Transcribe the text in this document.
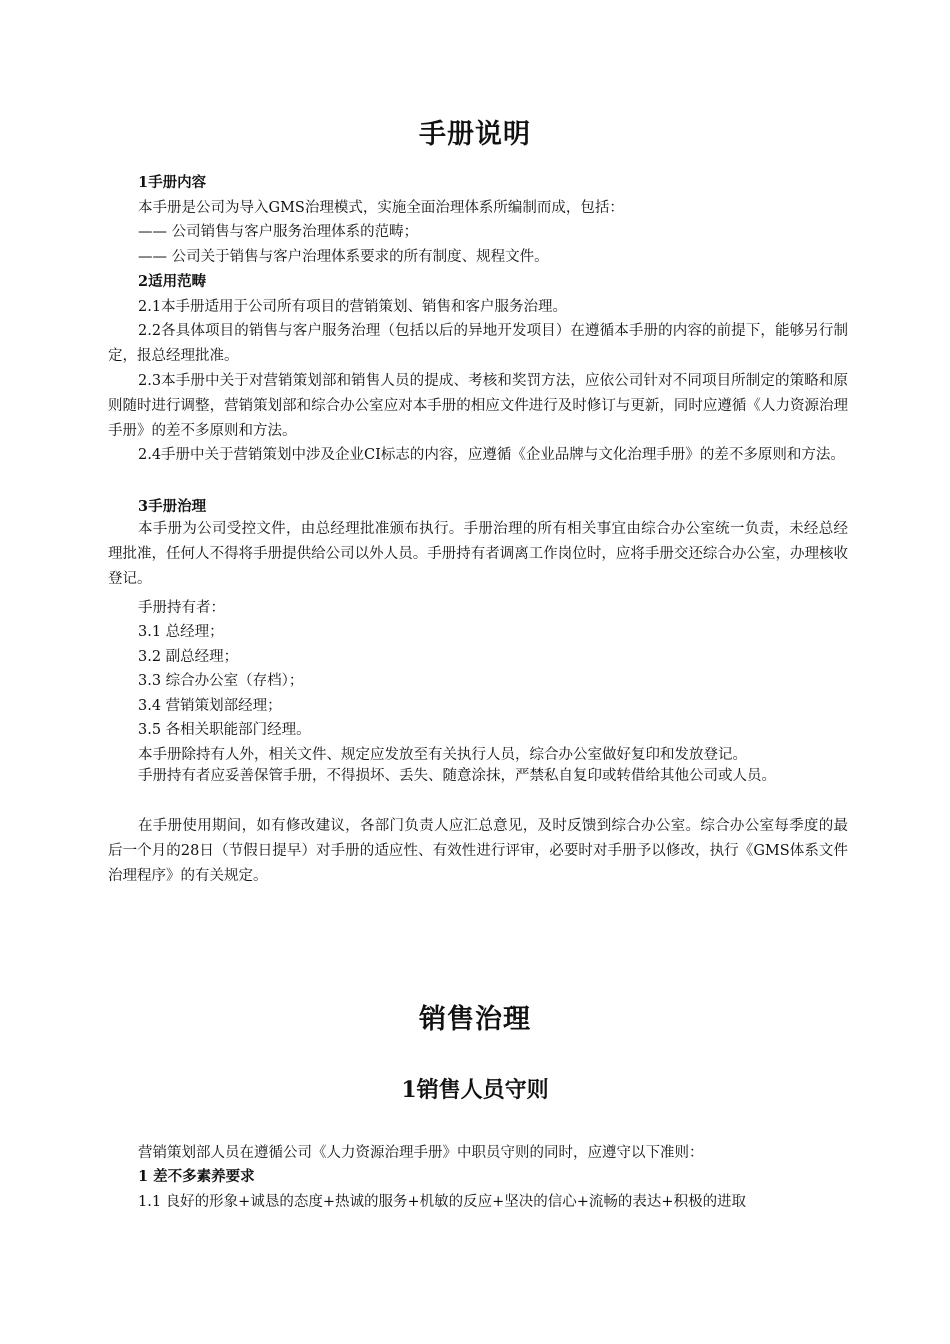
手册说明
1手册内容
本手册是公司为导入GMS治理模式，实施全面治理体系所编制而成，包括：
—— 公司销售与客户服务治理体系的范畴；
—— 公司关于销售与客户治理体系要求的所有制度、规程文件。
2适用范畴
2.1本手册适用于公司所有项目的营销策划、销售和客户服务治理。
2.2各具体项目的销售与客户服务治理（包括以后的异地开发项目）在遵循本手册的内容的前提下，能够另行制定，报总经理批准。
2.3本手册中关于对营销策划部和销售人员的提成、考核和奖罚方法，应依公司针对不同项目所制定的策略和原则随时进行调整，营销策划部和综合办公室应对本手册的相应文件进行及时修订与更新，同时应遵循《人力资源治理手册》的差不多原则和方法。
2.4手册中关于营销策划中涉及企业CI标志的内容，应遵循《企业品牌与文化治理手册》的差不多原则和方法。
3手册治理
本手册为公司受控文件，由总经理批准颁布执行。手册治理的所有相关事宜由综合办公室统一负责，未经总经理批准，任何人不得将手册提供给公司以外人员。手册持有者调离工作岗位时，应将手册交还综合办公室，办理核收登记。
手册持有者：
3.1 总经理；
3.2 副总经理；
3.3 综合办公室（存档）；
3.4 营销策划部经理；
3.5 各相关职能部门经理。
本手册除持有人外，相关文件、规定应发放至有关执行人员，综合办公室做好复印和发放登记。
手册持有者应妥善保管手册，不得损坏、丢失、随意涂抹，严禁私自复印或转借给其他公司或人员。
在手册使用期间，如有修改建议，各部门负责人应汇总意见，及时反馈到综合办公室。综合办公室每季度的最后一个月的28日（节假日提早）对手册的适应性、有效性进行评审，必要时对手册予以修改，执行《GMS体系文件治理程序》的有关规定。
销售治理
1销售人员守则
营销策划部人员在遵循公司《人力资源治理手册》中职员守则的同时，应遵守以下准则：
1 差不多素养要求
1.1 良好的形象+诚恳的态度+热诚的服务+机敏的反应+坚决的信心+流畅的表达+积极的进取
